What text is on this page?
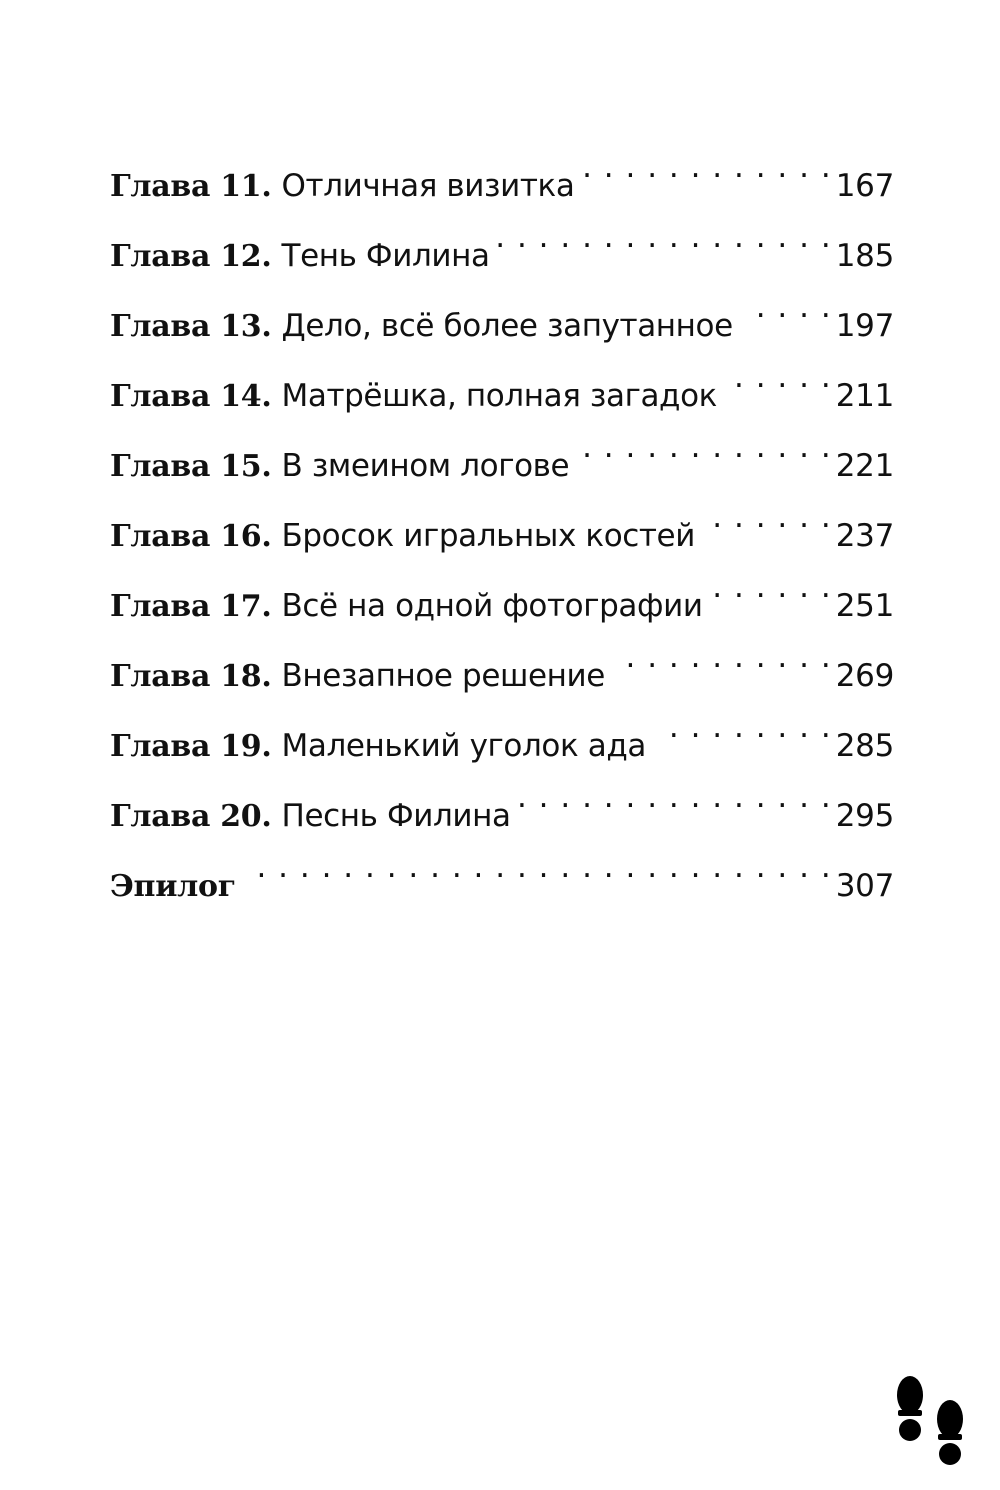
Глава 11. Отличная визитка . . .	167
Глава 12. Тень Филина . . .	185
Глава 13. Дело, всё более запутанное . . .	197
Глава 14. Матрёшка, полная загадок . . .	211
Глава 15. В змеином логове . . .	221
Глава 16. Бросок игральных костей . . .	237
Глава 17. Всё на одной фотографии . . .	251
Глава 18. Внезапное решение . . .	269
Глава 19. Маленький уголок ада . . .	285
Глава 20. Песнь Филина . . .	295
Эпилог . . .	307
